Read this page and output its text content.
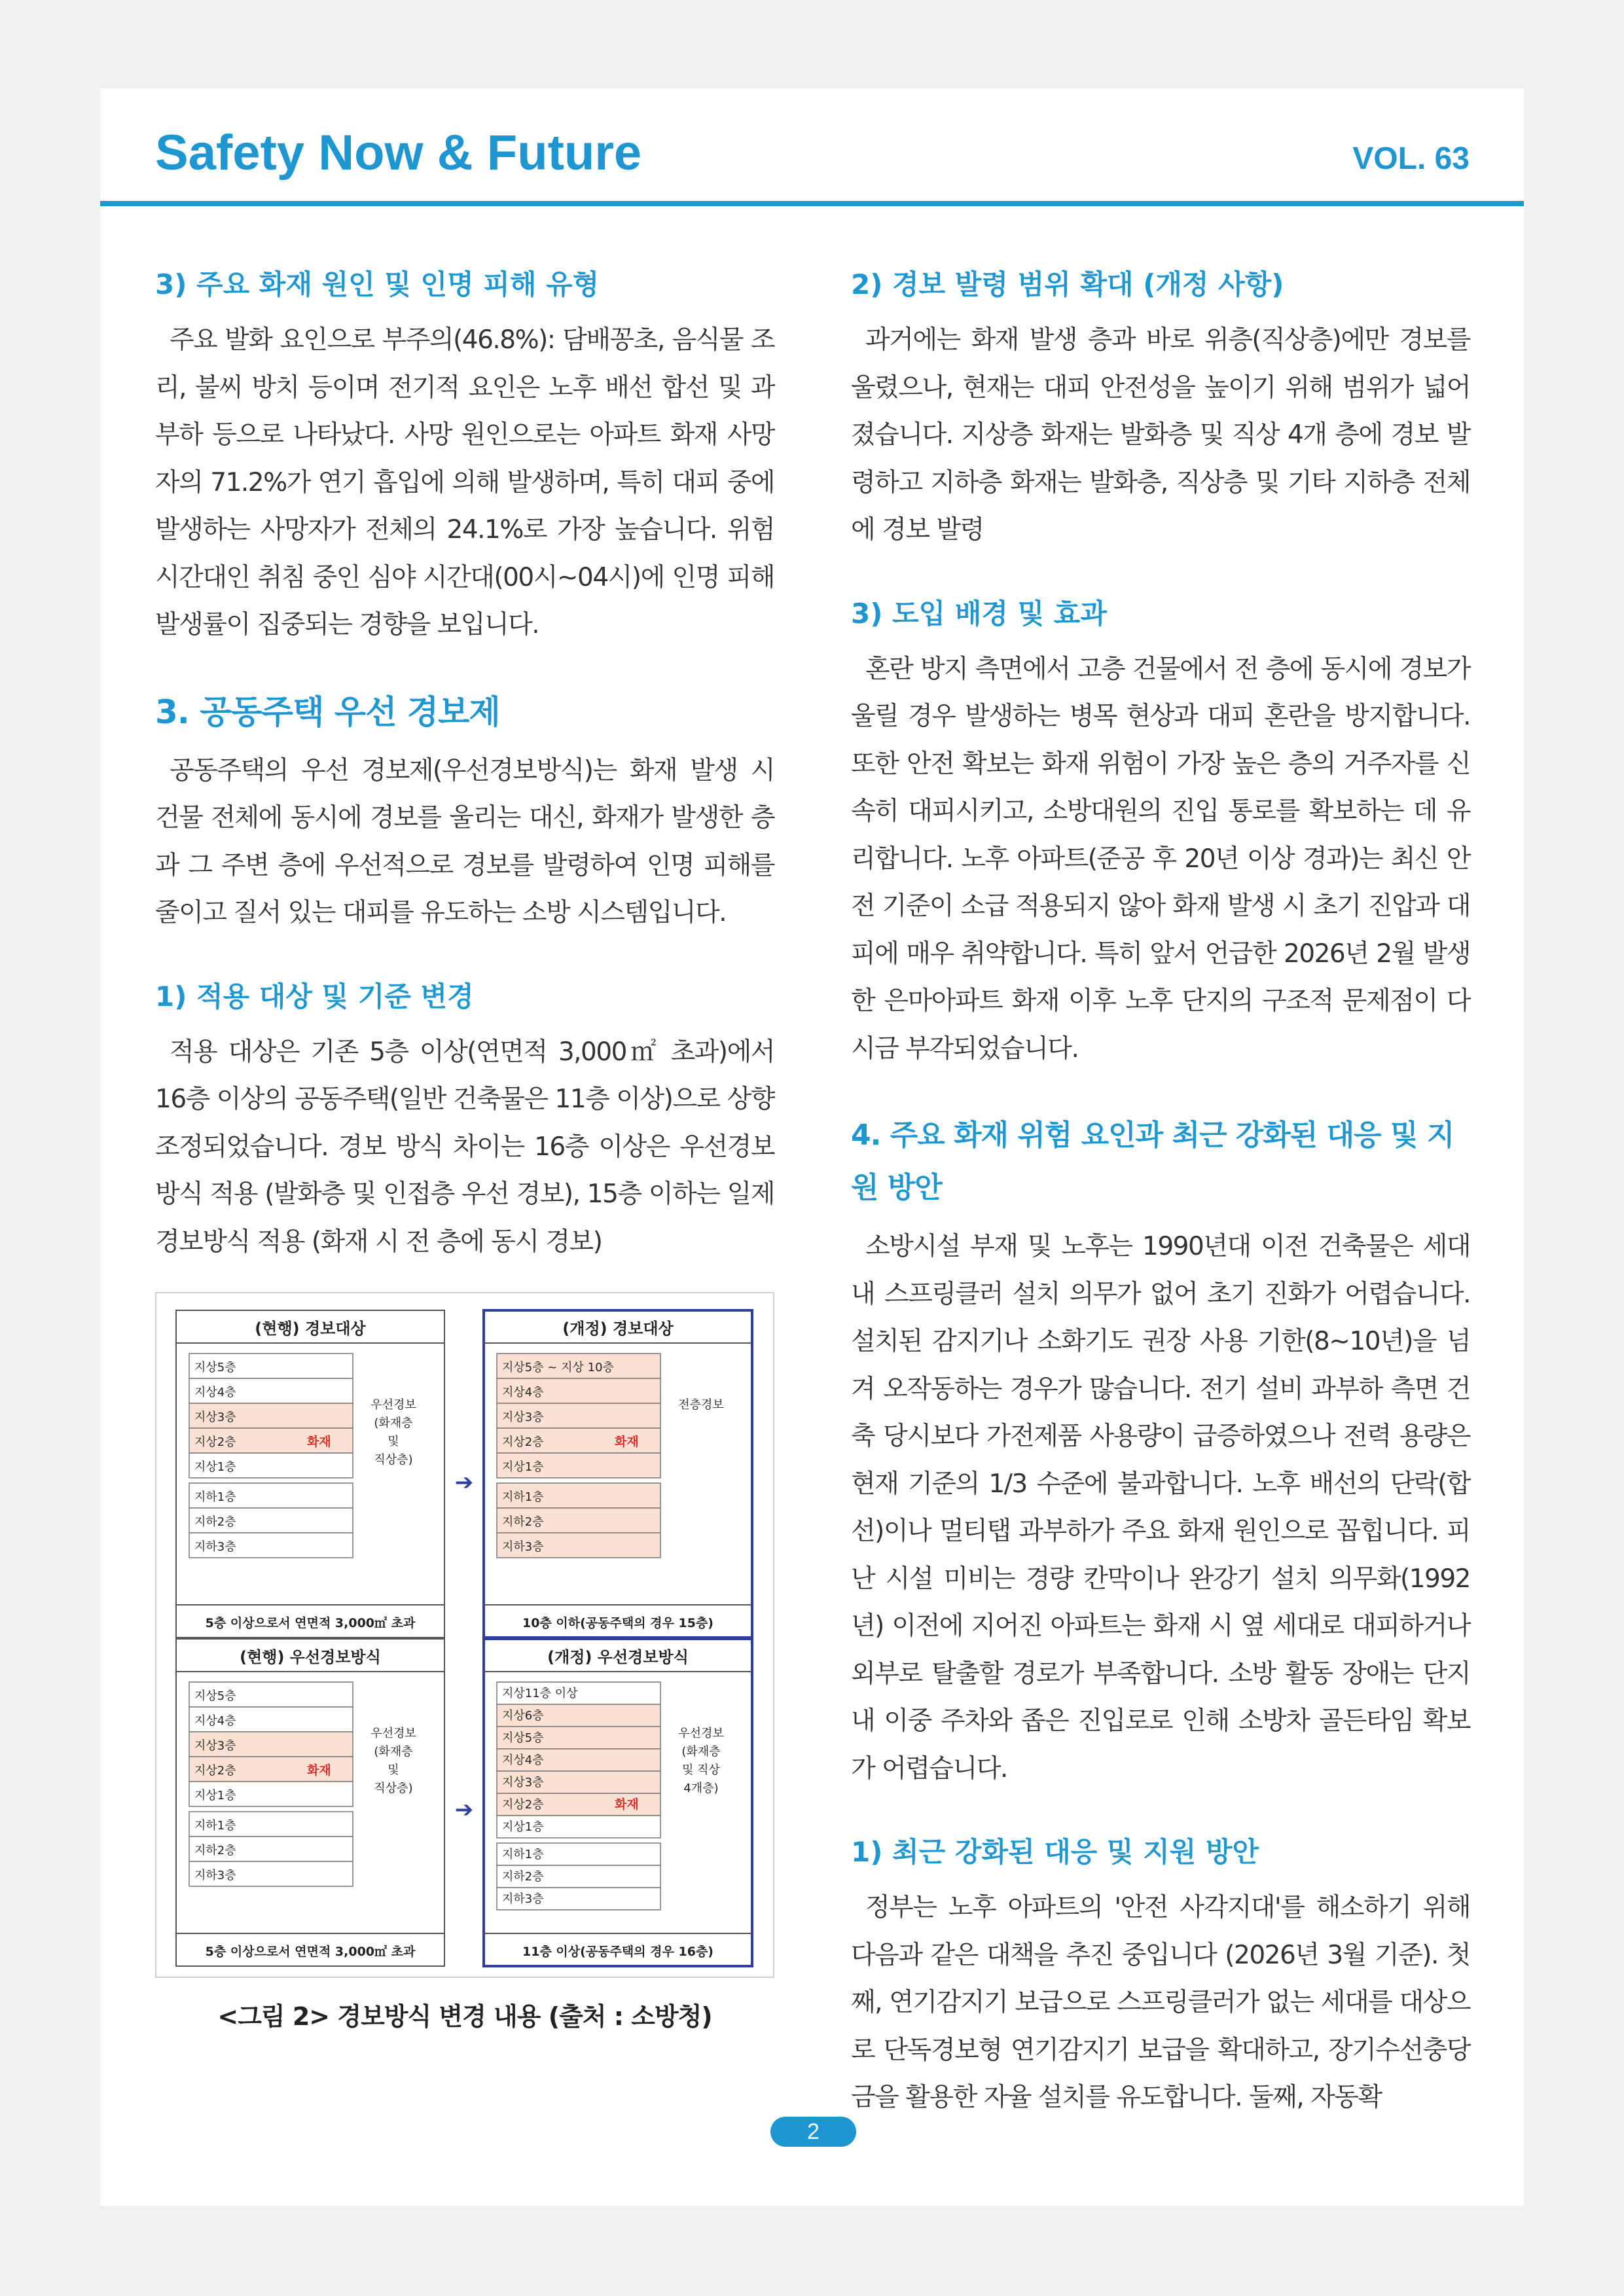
Safety Now & Future	VOL. 63
3) 주요 화재 원인 및 인명 피해 유형

주요 발화 요인으로 부주의(46.8%): 담배꽁초, 음식물 조리, 불씨 방치 등이며 전기적 요인은 노후 배선 합선 및 과부하 등으로 나타났다. 사망 원인으로는 아파트 화재 사망자의 71.2%가 연기 흡입에 의해 발생하며, 특히 대피 중에 발생하는 사망자가 전체의 24.1%로 가장 높습니다. 위험 시간대인 취침 중인 심야 시간대(00시~04시)에 인명 피해 발생률이 집중되는 경향을 보입니다.

3. 공동주택 우선 경보제

공동주택의 우선 경보제(우선경보방식)는 화재 발생 시 건물 전체에 동시에 경보를 울리는 대신, 화재가 발생한 층과 그 주변 층에 우선적으로 경보를 발령하여 인명 피해를 줄이고 질서 있는 대피를 유도하는 소방 시스템입니다.

1) 적용 대상 및 기준 변경

적용 대상은 기존 5층 이상(연면적 3,000㎡ 초과)에서 16층 이상의 공동주택(일반 건축물은 11층 이상)으로 상향 조정되었습니다. 경보 방식 차이는 16층 이상은 우선경보방식 적용 (발화층 및 인접층 우선 경보), 15층 이하는 일제경보방식 적용 (화재 시 전 층에 동시 경보)

(현행) 경보대상
5층 이상으로서 연면적 3,000㎡ 초과
지상5층
지상4층
지상3층
지상2층	화재
지상1층
지하1층
지하2층
지하3층
우선경보
(화재층
및
직상층)
(개정) 경보대상
10층 이하(공동주택의 경우 15층)
지상5층 ~ 지상 10층
지상4층
지상3층
지상2층	화재
지상1층
지하1층
지하2층
지하3층
전층경보
(현행) 우선경보방식
5층 이상으로서 연면적 3,000㎡ 초과
지상5층
지상4층
지상3층
지상2층	화재
지상1층
지하1층
지하2층
지하3층
우선경보
(화재층
및
직상층)
(개정) 우선경보방식
11층 이상(공동주택의 경우 16층)
지상11층 이상
지상6층
지상5층
지상4층
지상3층
지상2층	화재
지상1층
지하1층
지하2층
지하3층
우선경보
(화재층
및 직상
4개층)
➔
➔
<그림 2> 경보방식 변경 내용 (출처 : 소방청)
2) 경보 발령 범위 확대 (개정 사항)

과거에는 화재 발생 층과 바로 위층(직상층)에만 경보를 울렸으나, 현재는 대피 안전성을 높이기 위해 범위가 넓어졌습니다. 지상층 화재는 발화층 및 직상 4개 층에 경보 발령하고 지하층 화재는 발화층, 직상층 및 기타 지하층 전체에 경보 발령

3) 도입 배경 및 효과

혼란 방지 측면에서 고층 건물에서 전 층에 동시에 경보가 울릴 경우 발생하는 병목 현상과 대피 혼란을 방지합니다. 또한 안전 확보는 화재 위험이 가장 높은 층의 거주자를 신속히 대피시키고, 소방대원의 진입 통로를 확보하는 데 유리합니다. 노후 아파트(준공 후 20년 이상 경과)는 최신 안전 기준이 소급 적용되지 않아 화재 발생 시 초기 진압과 대피에 매우 취약합니다. 특히 앞서 언급한 2026년 2월 발생한 은마아파트 화재 이후 노후 단지의 구조적 문제점이 다시금 부각되었습니다.

4. 주요 화재 위험 요인과 최근 강화된 대응 및 지원 방안

소방시설 부재 및 노후는 1990년대 이전 건축물은 세대 내 스프링클러 설치 의무가 없어 초기 진화가 어렵습니다. 설치된 감지기나 소화기도 권장 사용 기한(8~10년)을 넘겨 오작동하는 경우가 많습니다. 전기 설비 과부하 측면 건축 당시보다 가전제품 사용량이 급증하였으나 전력 용량은 현재 기준의 1/3 수준에 불과합니다. 노후 배선의 단락(합선)이나 멀티탭 과부하가 주요 화재 원인으로 꼽힙니다. 피난 시설 미비는 경량 칸막이나 완강기 설치 의무화(1992년) 이전에 지어진 아파트는 화재 시 옆 세대로 대피하거나 외부로 탈출할 경로가 부족합니다. 소방 활동 장애는 단지 내 이중 주차와 좁은 진입로로 인해 소방차 골든타임 확보가 어렵습니다.

1) 최근 강화된 대응 및 지원 방안

정부는 노후 아파트의 '안전 사각지대'를 해소하기 위해 다음과 같은 대책을 추진 중입니다 (2026년 3월 기준). 첫째, 연기감지기 보급으로 스프링클러가 없는 세대를 대상으로 단독경보형 연기감지기 보급을 확대하고, 장기수선충당금을 활용한 자율 설치를 유도합니다. 둘째, 자동확

2
